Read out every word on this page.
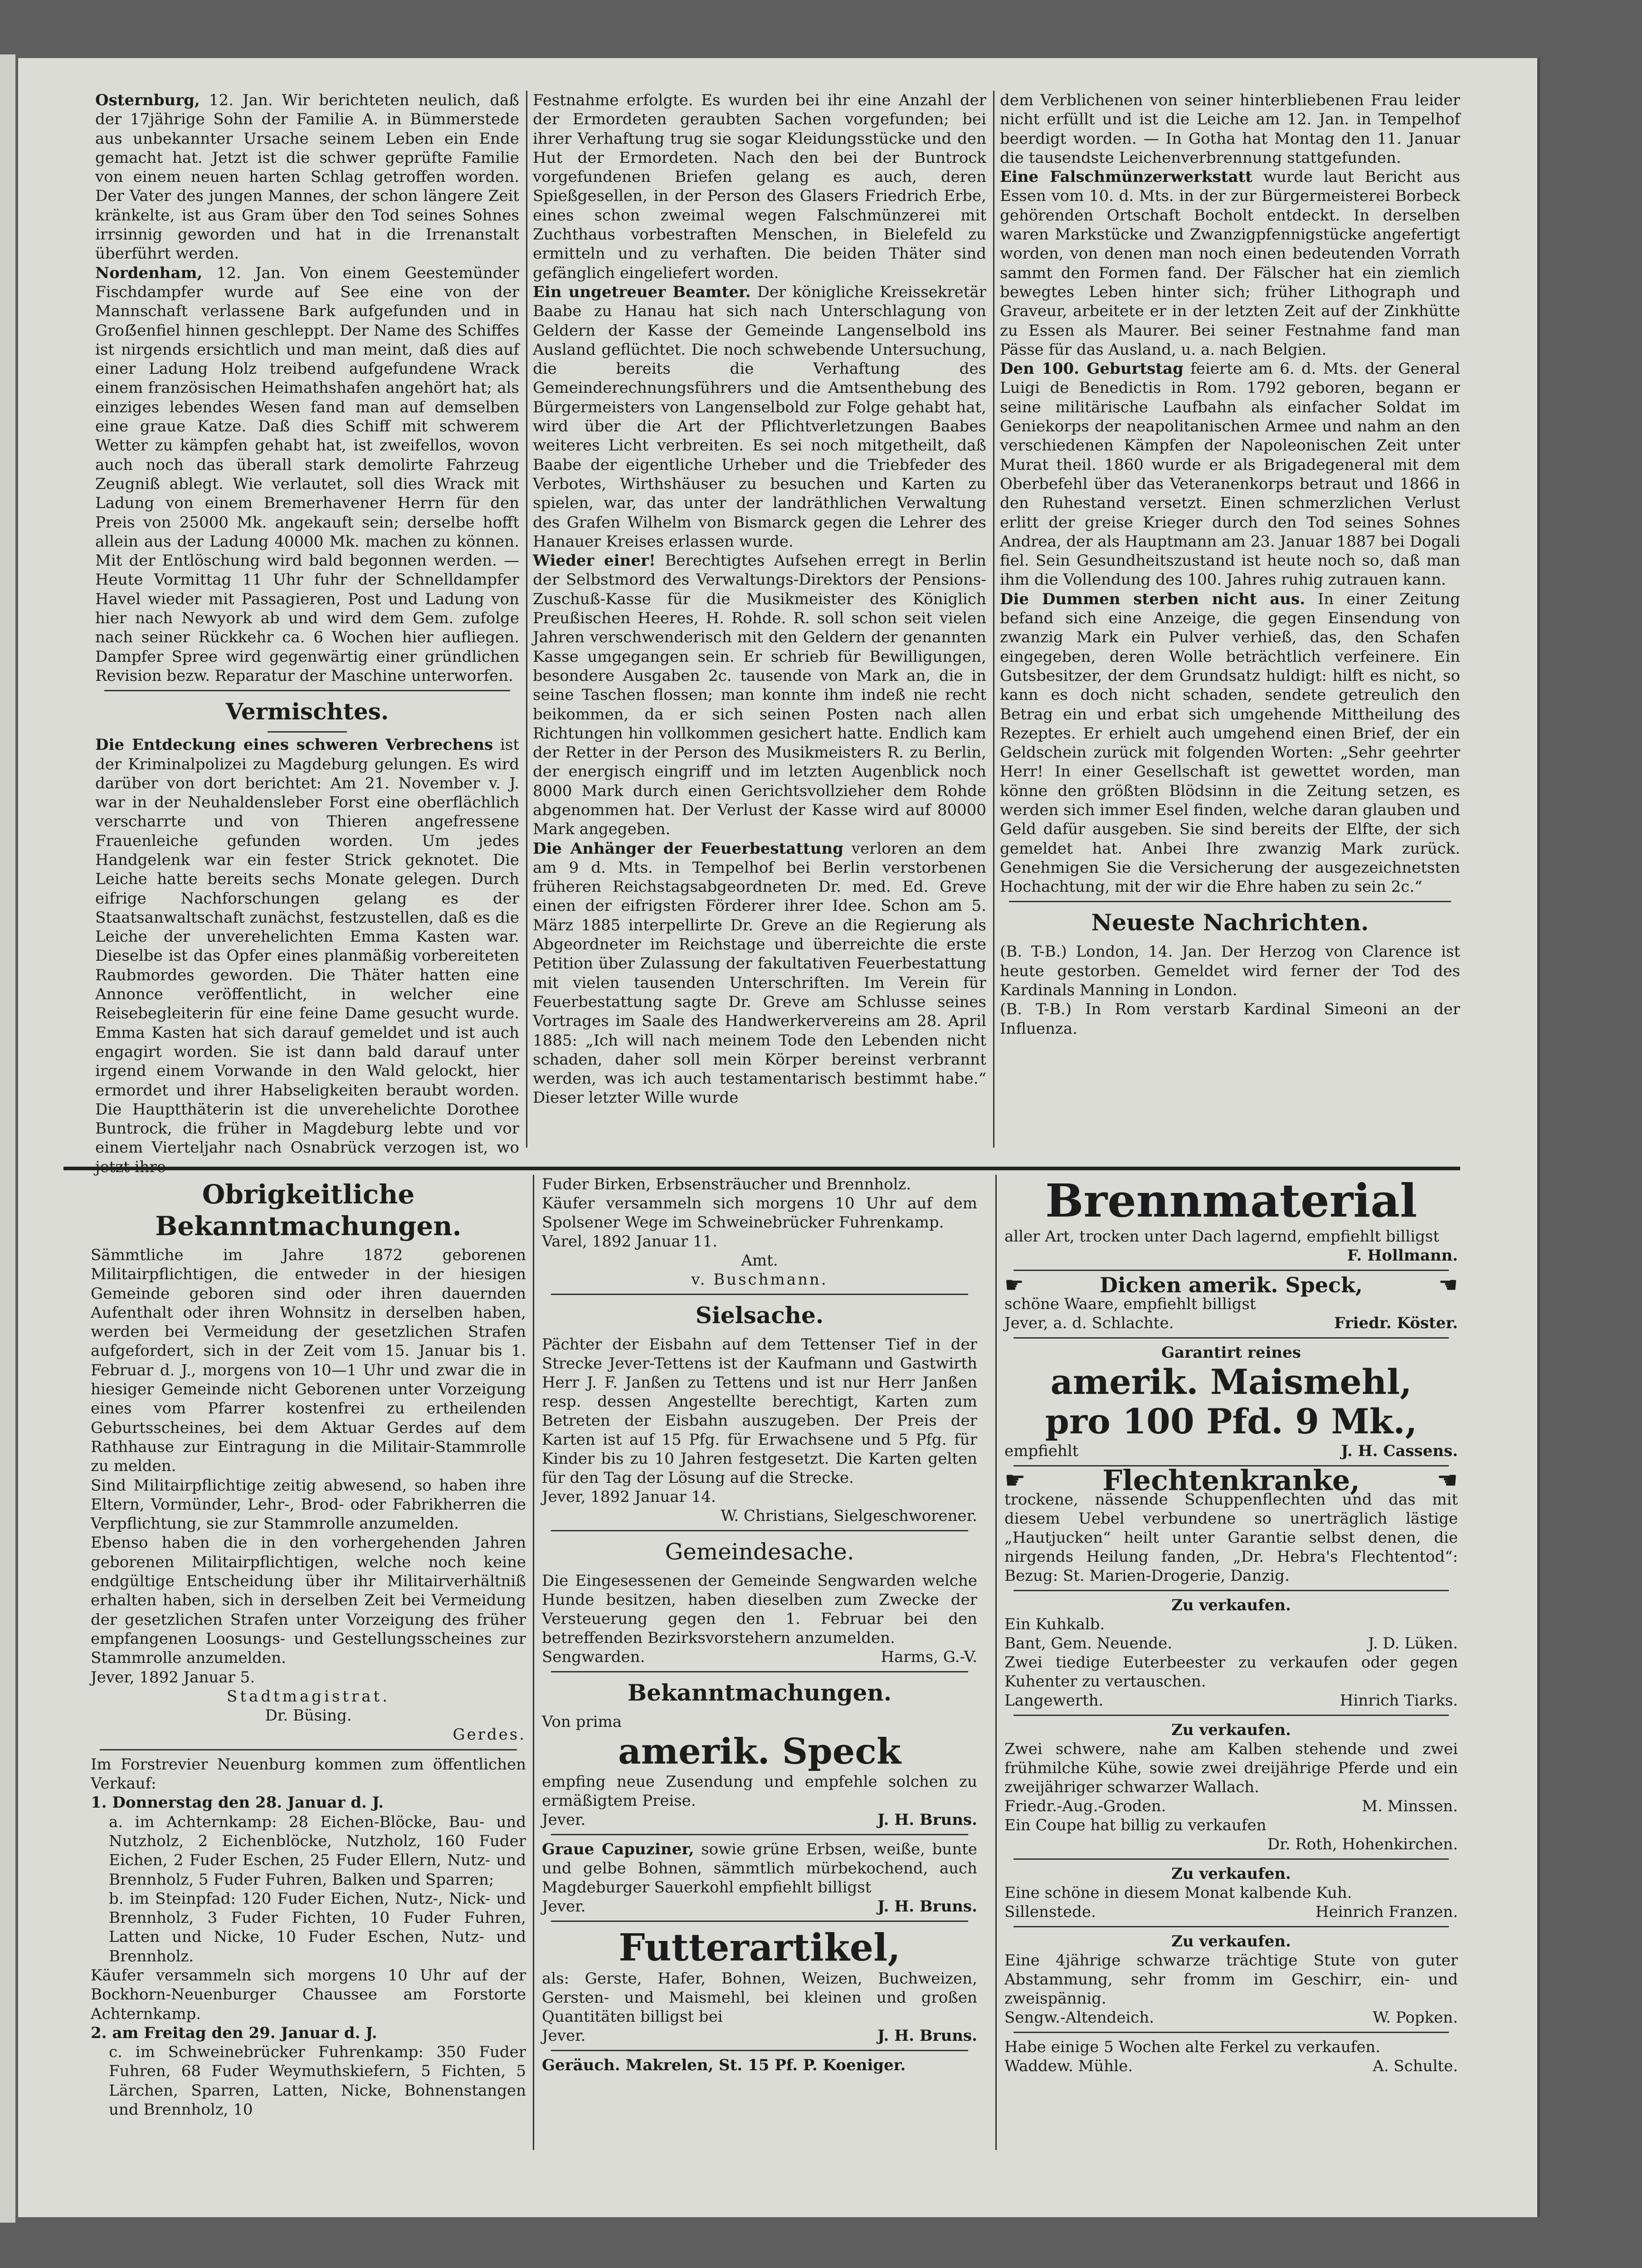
Osternburg, 12. Jan. Wir berichteten neulich, daß der 17jährige Sohn der Familie A. in Bümmerstede aus unbekannter Ursache seinem Leben ein Ende gemacht hat. Jetzt ist die schwer geprüfte Familie von einem neuen harten Schlag getroffen worden. Der Vater des jungen Mannes, der schon längere Zeit kränkelte, ist aus Gram über den Tod seines Sohnes irrsinnig geworden und hat in die Irrenanstalt überführt werden.

Nordenham, 12. Jan. Von einem Geestemünder Fischdampfer wurde auf See eine von der Mannschaft verlassene Bark aufgefunden und in Groẞenfiel hinnen geschleppt. Der Name des Schiffes ist nirgends ersichtlich und man meint, daß dies auf einer Ladung Holz treibend aufgefundene Wrack einem französischen Heimathshafen angehört hat; als einziges lebendes Wesen fand man auf demselben eine graue Katze. Daß dies Schiff mit schwerem Wetter zu kämpfen gehabt hat, ist zweifellos, wovon auch noch das überall stark demolirte Fahrzeug Zeugniß ablegt. Wie verlautet, soll dies Wrack mit Ladung von einem Bremerhavener Herrn für den Preis von 25000 Mk. angekauft sein; derselbe hofft allein aus der Ladung 40000 Mk. machen zu können. Mit der Entlöschung wird bald begonnen werden. — Heute Vormittag 11 Uhr fuhr der Schnelldampfer Havel wieder mit Passagieren, Post und Ladung von hier nach Newyork ab und wird dem Gem. zufolge nach seiner Rückkehr ca. 6 Wochen hier aufliegen. Dampfer Spree wird gegenwärtig einer gründlichen Revision bezw. Reparatur der Maschine unterworfen.

Vermischtes.

Die Entdeckung eines schweren Verbrechens ist der Kriminalpolizei zu Magdeburg gelungen. Es wird darüber von dort berichtet: Am 21. November v. J. war in der Neuhaldensleber Forst eine oberflächlich verscharrte und von Thieren angefressene Frauenleiche gefunden worden. Um jedes Handgelenk war ein fester Strick geknotet. Die Leiche hatte bereits sechs Monate gelegen. Durch eifrige Nachforschungen gelang es der Staatsanwaltschaft zunächst, festzustellen, daß es die Leiche der unverehelichten Emma Kasten war. Dieselbe ist das Opfer eines planmäßig vorbereiteten Raubmordes geworden. Die Thäter hatten eine Annonce veröffentlicht, in welcher eine Reisebegleiterin für eine feine Dame gesucht wurde. Emma Kasten hat sich darauf gemeldet und ist auch engagirt worden. Sie ist dann bald darauf unter irgend einem Vorwande in den Wald gelockt, hier ermordet und ihrer Habseligkeiten beraubt worden. Die Hauptthäterin ist die unverehelichte Dorothee Buntrock, die früher in Magdeburg lebte und vor einem Vierteljahr nach Osnabrück verzogen ist, wo

Festnahme erfolgte. Es wurden bei ihr eine Anzahl der der Ermordeten geraubten Sachen vorgefunden; bei ihrer Verhaftung trug sie sogar Kleidungsstücke und den Hut der Ermordeten. Nach den bei der Buntrock vorgefundenen Briefen gelang es auch, deren Spießgesellen, in der Person des Glasers Friedrich Erbe, eines schon zweimal wegen Falschmünzerei mit Zuchthaus vorbestraften Menschen, in Bielefeld zu ermitteln und zu verhaften. Die beiden Thäter sind gefänglich eingeliefert worden.

Ein ungetreuer Beamter. Der königliche Kreissekretär Baabe zu Hanau hat sich nach Unterschlagung von Geldern der Kasse der Gemeinde Langenselbold ins Ausland geflüchtet. Die noch schwebende Untersuchung, die bereits die Verhaftung des Gemeinderechnungsführers und die Amtsenthebung des Bürgermeisters von Langenselbold zur Folge gehabt hat, wird über die Art der Pflichtverletzungen Baabes weiteres Licht verbreiten. Es sei noch mitgetheilt, daß Baabe der eigentliche Urheber und die Triebfeder des Verbotes, Wirthshäuser zu besuchen und Karten zu spielen, war, das unter der landräthlichen Verwaltung des Grafen Wilhelm von Bismarck gegen die Lehrer des Hanauer Kreises erlassen wurde.

Wieder einer! Berechtigtes Aufsehen erregt in Berlin der Selbstmord des Verwaltungs-Direktors der Pensions-Zuschuß-Kasse für die Musikmeister des Königlich Preußischen Heeres, H. Rohde. R. soll schon seit vielen Jahren verschwenderisch mit den Geldern der genannten Kasse umgegangen sein. Er schrieb für Bewilligungen, besondere Ausgaben 2c. tausende von Mark an, die in seine Taschen flossen; man konnte ihm indeß nie recht beikommen, da er sich seinen Posten nach allen Richtungen hin vollkommen gesichert hatte. Endlich kam der Retter in der Person des Musikmeisters R. zu Berlin, der energisch eingriff und im letzten Augenblick noch 8000 Mark durch einen Gerichtsvollzieher dem Rohde abgenommen hat. Der Verlust der Kasse wird auf 80000 Mark angegeben.

Die Anhänger der Feuerbestattung verloren an dem am 9 d. Mts. in Tempelhof bei Berlin verstorbenen früheren Reichstagsabgeordneten Dr. med. Ed. Greve einen der eifrigsten Förderer ihrer Idee. Schon am 5. März 1885 interpellirte Dr. Greve an die Regierung als Abgeordneter im Reichstage und überreichte die erste Petition über Zulassung der fakultativen Feuerbestattung mit vielen tausenden Unterschriften. Im Verein für Feuerbestattung sagte Dr. Greve am Schlusse seines Vortrages im Saale des Handwerkervereins am 28. April 1885: „Ich will nach meinem Tode den Lebenden nicht schaden, daher soll mein Körper bereinst verbrannt werden, was ich auch testamentarisch bestimmt habe.“ Dieser letzter Wille wurde

dem Verblichenen von seiner hinterbliebenen Frau leider nicht erfüllt und ist die Leiche am 12. Jan. in Tempelhof beerdigt worden. — In Gotha hat Montag den 11. Januar die tausendste Leichenverbrennung stattgefunden.

Eine Falschmünzerwerkstatt wurde laut Bericht aus Essen vom 10. d. Mts. in der zur Bürgermeisterei Borbeck gehörenden Ortschaft Bocholt entdeckt. In derselben waren Markstücke und Zwanzigpfennigstücke angefertigt worden, von denen man noch einen bedeutenden Vorrath sammt den Formen fand. Der Fälscher hat ein ziemlich bewegtes Leben hinter sich; früher Lithograph und Graveur, arbeitete er in der letzten Zeit auf der Zinkhütte zu Essen als Maurer. Bei seiner Festnahme fand man Pässe für das Ausland, u. a. nach Belgien.

Den 100. Geburtstag feierte am 6. d. Mts. der General Luigi de Benedictis in Rom. 1792 geboren, begann er seine militärische Laufbahn als einfacher Soldat im Geniekorps der neapolitanischen Armee und nahm an den verschiedenen Kämpfen der Napoleonischen Zeit unter Murat theil. 1860 wurde er als Brigadegeneral mit dem Oberbefehl über das Veteranenkorps betraut und 1866 in den Ruhestand versetzt. Einen schmerzlichen Verlust erlitt der greise Krieger durch den Tod seines Sohnes Andrea, der als Hauptmann am 23. Januar 1887 bei Dogali fiel. Sein Gesundheitszustand ist heute noch so, daß man ihm die Vollendung des 100. Jahres ruhig zutrauen kann.

Die Dummen sterben nicht aus. In einer Zeitung befand sich eine Anzeige, die gegen Einsendung von zwanzig Mark ein Pulver verhieß, das, den Schafen eingegeben, deren Wolle beträchtlich verfeinere. Ein Gutsbesitzer, der dem Grundsatz huldigt: hilft es nicht, so kann es doch nicht schaden, sendete getreulich den Betrag ein und erbat sich umgehende Mittheilung des Rezeptes. Er erhielt auch umgehend einen Brief, der ein Geldschein zurück mit folgenden Worten: „Sehr geehrter Herr! In einer Gesellschaft ist gewettet worden, man könne den größten Blödsinn in die Zeitung setzen, es werden sich immer Esel finden, welche daran glauben und Geld dafür ausgeben. Sie sind bereits der Elfte, der sich gemeldet hat. Anbei Ihre zwanzig Mark zurück. Genehmigen Sie die Versicherung der ausgezeichnetsten Hochachtung, mit der wir die Ehre haben zu sein 2c.“

Neueste Nachrichten.

(B. T-B.) London, 14. Jan. Der Herzog von Clarence ist heute gestorben. Gemeldet wird ferner der Tod des Kardinals Manning in London.

(B. T-B.) In Rom verstarb Kardinal Simeoni an der Influenza.

Obrigkeitliche Bekanntmachungen.

Sämmtliche im Jahre 1872 geborenen Militairpflichtigen, die entweder in der hiesigen Gemeinde geboren sind oder ihren dauernden Aufenthalt oder ihren Wohnsitz in derselben haben, werden bei Vermeidung der gesetzlichen Strafen aufgefordert, sich in der Zeit vom 15. Januar bis 1. Februar d. J., morgens von 10—1 Uhr und zwar die in hiesiger Gemeinde nicht Geborenen unter Vorzeigung eines vom Pfarrer kostenfrei zu ertheilenden Geburtsscheines, bei dem Aktuar Gerdes auf dem Rathhause zur Eintragung in die Militair-Stammrolle zu melden.

Sind Militairpflichtige zeitig abwesend, so haben ihre Eltern, Vormünder, Lehr-, Brod- oder Fabrikherren die Verpflichtung, sie zur Stammrolle anzumelden.

Ebenso haben die in den vorhergehenden Jahren geborenen Militairpflichtigen, welche noch keine endgültige Entscheidung über ihr Militairverhältniß erhalten haben, sich in derselben Zeit bei Vermeidung der gesetzlichen Strafen unter Vorzeigung des früher empfangenen Loosungs- und Gestellungsscheines zur Stammrolle anzumelden.

Jever, 1892 Januar 5.

Stadtmagistrat.

Dr. Büsing.

Gerdes.

Im Forstrevier Neuenburg kommen zum öffentlichen Verkauf:

1. Donnerstag den 28. Januar d. J.

a. im Achternkamp: 28 Eichen-Blöcke, Bau- und Nutzholz, 2 Eichenblöcke, Nutzholz, 160 Fuder Eichen, 2 Fuder Eschen, 25 Fuder Ellern, Nutz- und Brennholz, 5 Fuder Fuhren, Balken und Sparren;

b. im Steinpfad: 120 Fuder Eichen, Nutz-, Nick- und Brennholz, 3 Fuder Fichten, 10 Fuder Fuhren, Latten und Nicke, 10 Fuder Eschen, Nutz- und Brennholz.

Käufer versammeln sich morgens 10 Uhr auf der Bockhorn-Neuenburger Chaussee am Forstorte Achternkamp.

2. am Freitag den 29. Januar d. J.

c. im Schweinebrücker Fuhrenkamp: 350 Fuder Fuhren, 68 Fuder Weymuthskiefern, 5 Fichten, 5 Lärchen, Sparren, Latten, Nicke, Bohnenstangen und Brennholz, 10

Fuder Birken, Erbsensträucher und Brennholz.

Käufer versammeln sich morgens 10 Uhr auf dem Spolsener Wege im Schweinebrücker Fuhrenkamp.

Varel, 1892 Januar 11.

Amt.

v. Buschmann.

Sielsache.

Pächter der Eisbahn auf dem Tettenser Tief in der Strecke Jever-Tettens ist der Kaufmann und Gastwirth Herr J. F. Janßen zu Tettens und ist nur Herr Janßen resp. dessen Angestellte berechtigt, Karten zum Betreten der Eisbahn auszugeben. Der Preis der Karten ist auf 15 Pfg. für Erwachsene und 5 Pfg. für Kinder bis zu 10 Jahren festgesetzt. Die Karten gelten für den Tag der Lösung auf die Strecke.

Jever, 1892 Januar 14.

W. Christians, Sielgeschworener.

Gemeindesache.

Die Eingesessenen der Gemeinde Sengwarden welche Hunde besitzen, haben dieselben zum Zwecke der Versteuerung gegen den 1. Februar bei den betreffenden Bezirksvorstehern anzumelden.

Sengwarden.	Harms, G.-V.
Bekanntmachungen.

Von prima

amerik. Speck

empfing neue Zusendung und empfehle solchen zu ermäßigtem Preise.

Jever.	J. H. Bruns.

Graue Capuziner, sowie grüne Erbsen, weiße, bunte und gelbe Bohnen, sämmtlich mürbekochend, auch Magdeburger Sauerkohl empfiehlt billigst

Jever.	J. H. Bruns.
Futterartikel,

als: Gerste, Hafer, Bohnen, Weizen, Buchweizen, Gersten- und Maismehl, bei kleinen und großen Quantitäten billigst bei

Jever.	J. H. Bruns.

Geräuch. Makrelen, St. 15 Pf. P. Koeniger.

Brennmaterial

aller Art, trocken unter Dach lagernd, empfiehlt billigst

F. Hollmann.

☛	Dicken amerik. Speck,	☚

schöne Waare, empfiehlt billigst

Jever, a. d. Schlachte.	Friedr. Köster.

Garantirt reines

amerik. Maismehl,
pro 100 Pfd. 9 Mk.,
empfiehlt	J. H. Cassens.
☛	Flechtenkranke,	☚

trockene, nässende Schuppenflechten und das mit diesem Uebel verbundene so unerträglich lästige „Hautjucken“ heilt unter Garantie selbst denen, die nirgends Heilung fanden, „Dr. Hebra's Flechtentod“: Bezug: St. Marien-Drogerie, Danzig.

Zu verkaufen.

Ein Kuhkalb.

Bant, Gem. Neuende.	J. D. Lüken.

Zwei tiedige Euterbeester zu verkaufen oder gegen Kuhenter zu vertauschen.

Langewerth.	Hinrich Tiarks.

Zu verkaufen.

Zwei schwere, nahe am Kalben stehende und zwei frühmilche Kühe, sowie zwei dreijährige Pferde und ein zweijähriger schwarzer Wallach.

Friedr.-Aug.-Groden.	M. Minssen.

Ein Coupe hat billig zu verkaufen

Dr. Roth, Hohenkirchen.

Zu verkaufen.

Eine schöne in diesem Monat kalbende Kuh.

Sillenstede.	Heinrich Franzen.

Zu verkaufen.

Eine 4jährige schwarze trächtige Stute von guter Abstammung, sehr fromm im Geschirr, ein- und zweispännig.

Sengw.-Altendeich.	W. Popken.

Habe einige 5 Wochen alte Ferkel zu verkaufen.

Waddew. Mühle.	A. Schulte.
